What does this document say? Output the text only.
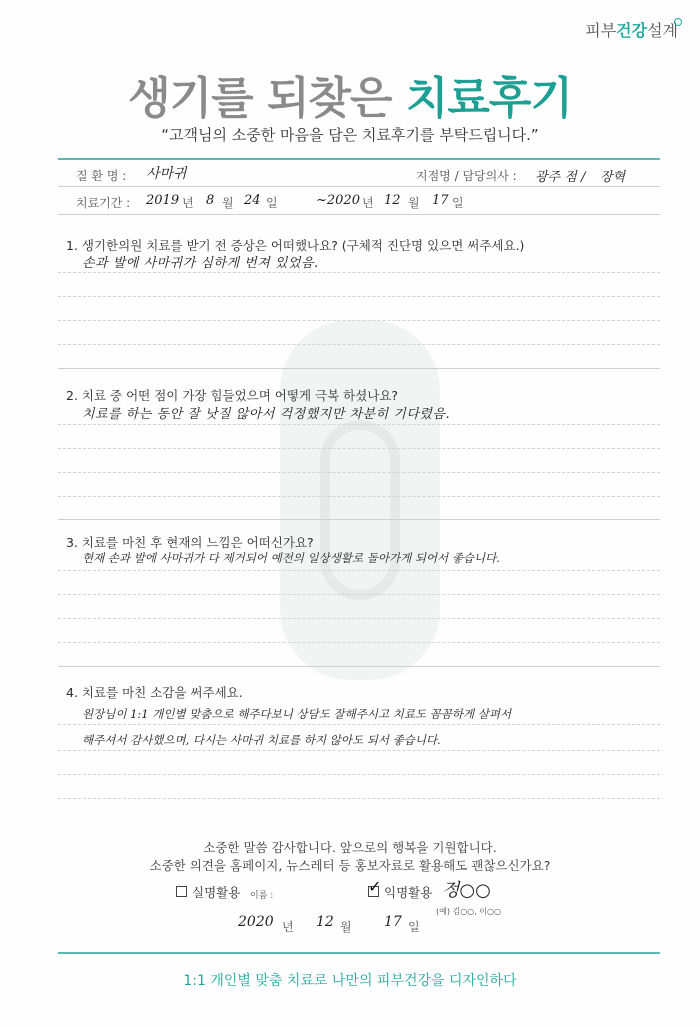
피부건강설계
생기를 되찾은 치료후기
“고객님의 소중한 마음을 담은 치료후기를 부탁드립니다.”
질 환 명 : 사마귀	지점명 / 담당의사 : 광주 점 / 장혁
치료기간 : 2019 년 8 월 24 일	~2020 년 12 월 17 일
1. 생기한의원 치료를 받기 전 증상은 어떠했나요? (구체적 진단명 있으면 써주세요.)
손과 발에 사마귀가 심하게 번져 있었음.
2. 치료 중 어떤 점이 가장 힘들었으며 어떻게 극복 하셨나요?
치료를 하는 동안 잘 낫질 않아서 걱정했지만 차분히 기다렸음.
3. 치료를 마친 후 현재의 느낌은 어떠신가요?
현재 손과 발에 사마귀가 다 제거되어 예전의 일상생활로 돌아가게 되어서 좋습니다.
4. 치료를 마친 소감을 써주세요.
원장님이 1:1 개인별 맞춤으로 해주다보니 상담도 잘해주시고 치료도 꼼꼼하게 살펴서
해주셔서 감사했으며, 다시는 사마귀 치료를 하지 않아도 되서 좋습니다.
소중한 말씀 감사합니다. 앞으로의 행복을 기원합니다.
소중한 의견을 홈페이지, 뉴스레터 등 홍보자료로 활용해도 괜찮으신가요?
실명활용 이름 :	✓ 익명활용 정○○
(예) 김○○, 이○○
2020 년 12 월 17 일
1:1 개인별 맞춤 치료로 나만의 피부건강을 디자인하다
